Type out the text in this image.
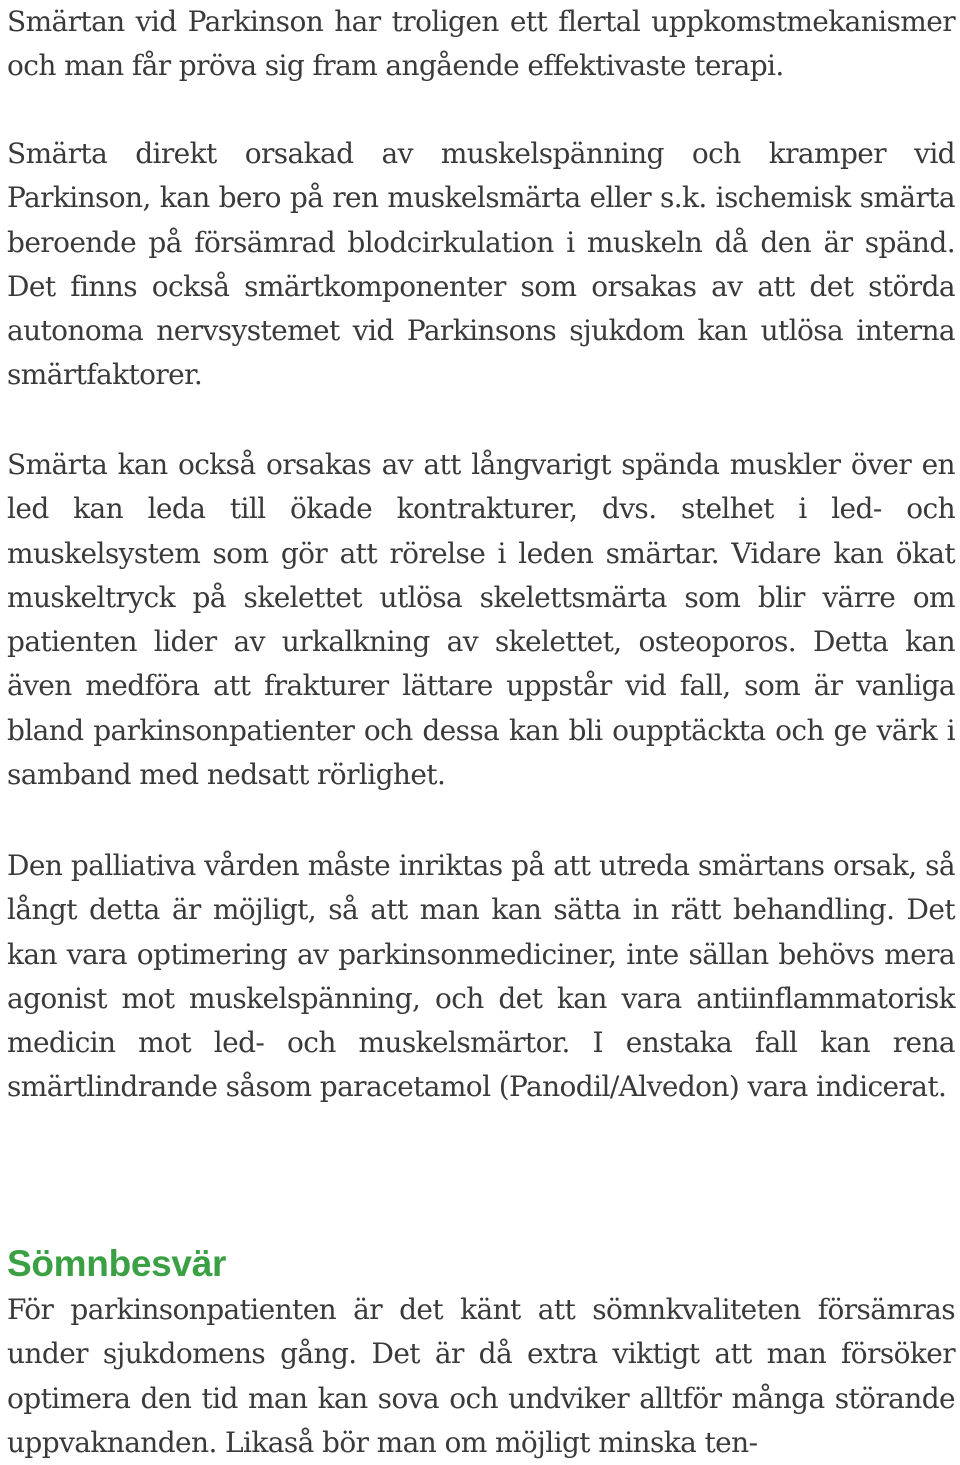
Smärtan vid Parkinson har troligen ett flertal uppkomstmekanismer och man får pröva sig fram angående effektivaste terapi.

Smärta direkt orsakad av muskelspänning och kramper vid Parkinson, kan bero på ren muskelsmärta eller s.k. ischemisk smärta beroende på försämrad blodcirkulation i muskeln då den är spänd. Det finns också smärtkomponenter som orsakas av att det störda autonoma nervsystemet vid Parkinsons sjukdom kan utlösa interna smärtfaktorer.

Smärta kan också orsakas av att långvarigt spända muskler över en led kan leda till ökade kontrakturer, dvs. stelhet i led- och muskelsystem som gör att rörelse i leden smärtar. Vidare kan ökat muskeltryck på skelettet utlösa skelettsmärta som blir värre om patienten lider av urkalkning av skelettet, osteoporos. Detta kan även medföra att frakturer lättare uppstår vid fall, som är vanliga bland parkinsonpatienter och dessa kan bli oupptäckta och ge värk i samband med nedsatt rörlighet.

Den palliativa vården måste inriktas på att utreda smärtans orsak, så långt detta är möjligt, så att man kan sätta in rätt behandling. Det kan vara optimering av parkinsonmediciner, inte sällan behövs mera agonist mot muskelspänning, och det kan vara antiinflammatorisk medicin mot led- och muskelsmärtor. I enstaka fall kan rena smärtlindrande såsom paracetamol (Panodil/Alvedon) vara indicerat.

Sömnbesvär

För parkinsonpatienten är det känt att sömnkvaliteten försämras under sjukdomens gång. Det är då extra viktigt att man försöker optimera den tid man kan sova och undviker alltför många störande uppvaknanden. Likaså bör man om möjligt minska ten-
